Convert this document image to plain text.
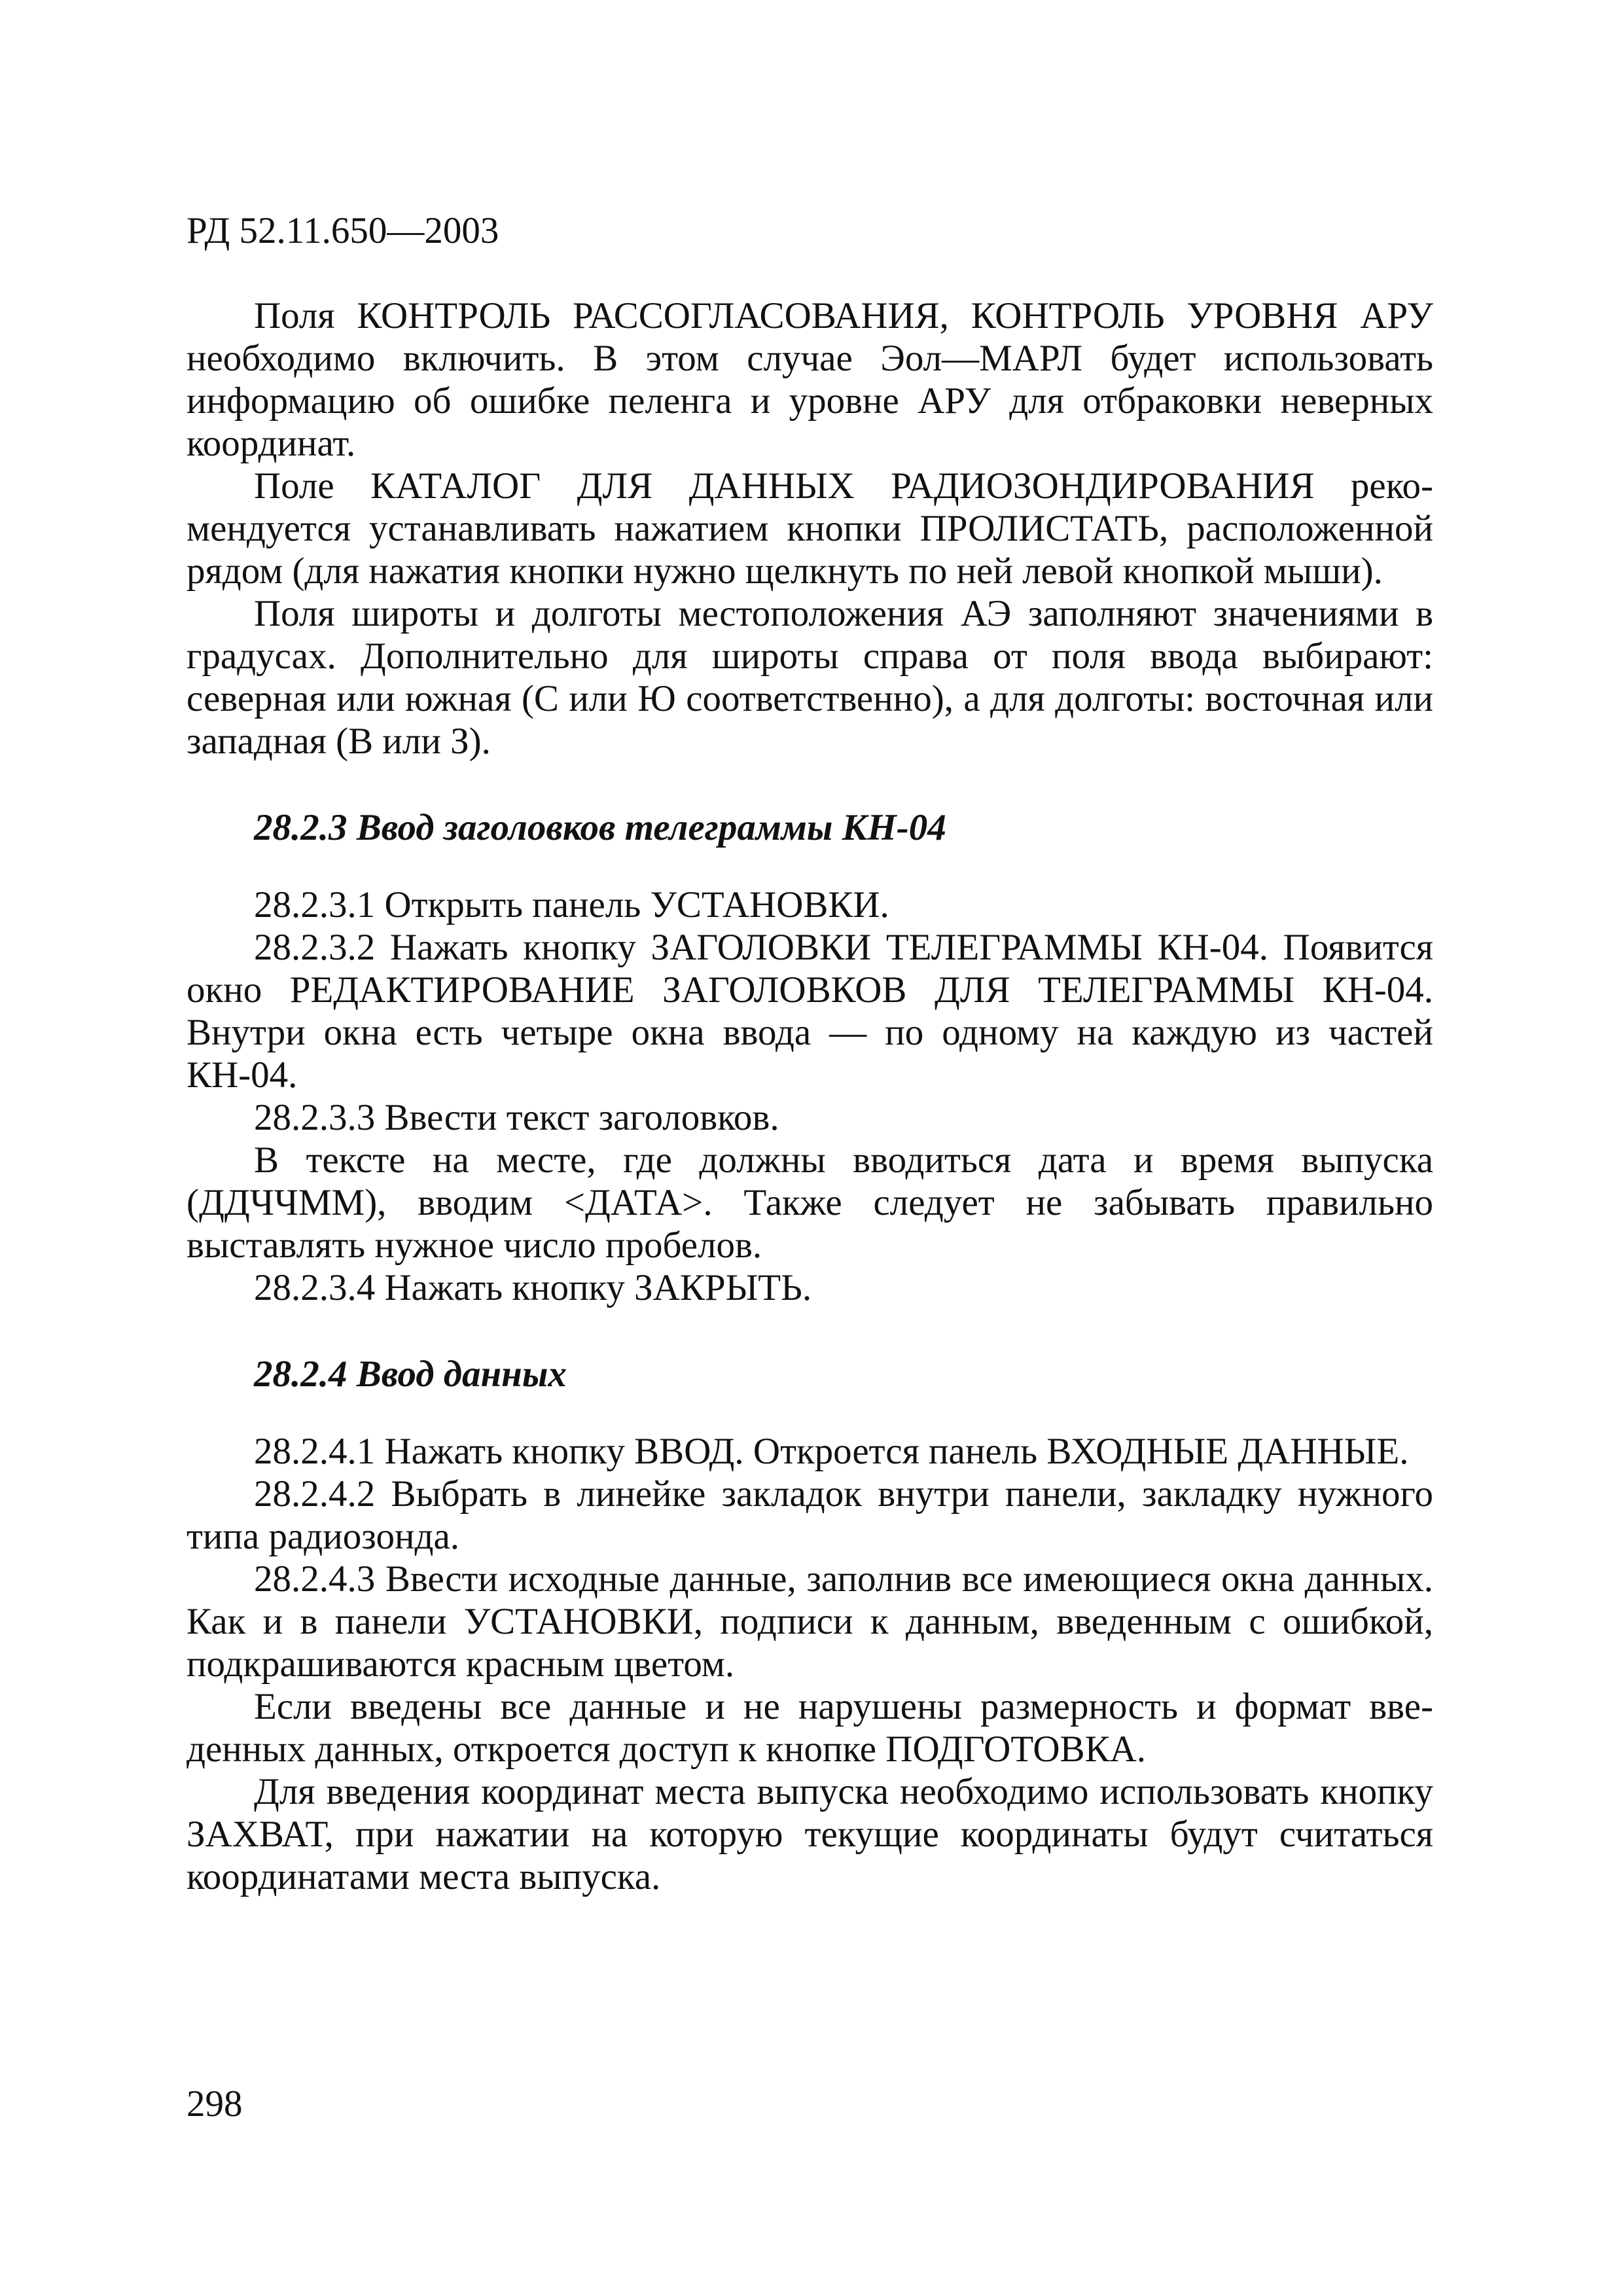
РД 52.11.650—2003

Поля КОНТРОЛЬ РАССОГЛАСОВАНИЯ, КОНТРОЛЬ УРОВНЯ АРУ необходимо включить. В этом случае Эол—МАРЛ будет использовать информацию об ошибке пеленга и уровне АРУ для отбраковки неверных координат.

Поле КАТАЛОГ ДЛЯ ДАННЫХ РАДИОЗОНДИРОВАНИЯ рекомендуется устанавливать нажатием кнопки ПРОЛИСТАТЬ, расположенной рядом (для нажатия кнопки нужно щелкнуть по ней левой кнопкой мыши).

Поля широты и долготы местоположения АЭ заполняют значениями в градусах. Дополнительно для широты справа от поля ввода выбирают: северная или южная (С или Ю соответственно), а для долготы: восточная или западная (В или З).

28.2.3 Ввод заголовков телеграммы КН-04

28.2.3.1 Открыть панель УСТАНОВКИ.

28.2.3.2 Нажать кнопку ЗАГОЛОВКИ ТЕЛЕГРАММЫ КН-04. Появится окно РЕДАКТИРОВАНИЕ ЗАГОЛОВКОВ ДЛЯ ТЕЛЕГРАММЫ КН-04. Внутри окна есть четыре окна ввода — по одному на каждую из частей КН-04.

28.2.3.3 Ввести текст заголовков.

В тексте на месте, где должны вводиться дата и время выпуска (ДДЧЧММ), вводим <ДАТА>. Также следует не забывать правильно выставлять нужное число пробелов.

28.2.3.4 Нажать кнопку ЗАКРЫТЬ.

28.2.4 Ввод данных

28.2.4.1 Нажать кнопку ВВОД. Откроется панель ВХОДНЫЕ ДАННЫЕ.

28.2.4.2 Выбрать в линейке закладок внутри панели, закладку нужного типа радиозонда.

28.2.4.3 Ввести исходные данные, заполнив все имеющиеся окна данных. Как и в панели УСТАНОВКИ, подписи к данным, введенным с ошибкой, подкрашиваются красным цветом.

Если введены все данные и не нарушены размерность и формат введенных данных, откроется доступ к кнопке ПОДГОТОВКА.

Для введения координат места выпуска необходимо использовать кнопку ЗАХВАТ, при нажатии на которую текущие координаты будут считаться координатами места выпуска.

298
